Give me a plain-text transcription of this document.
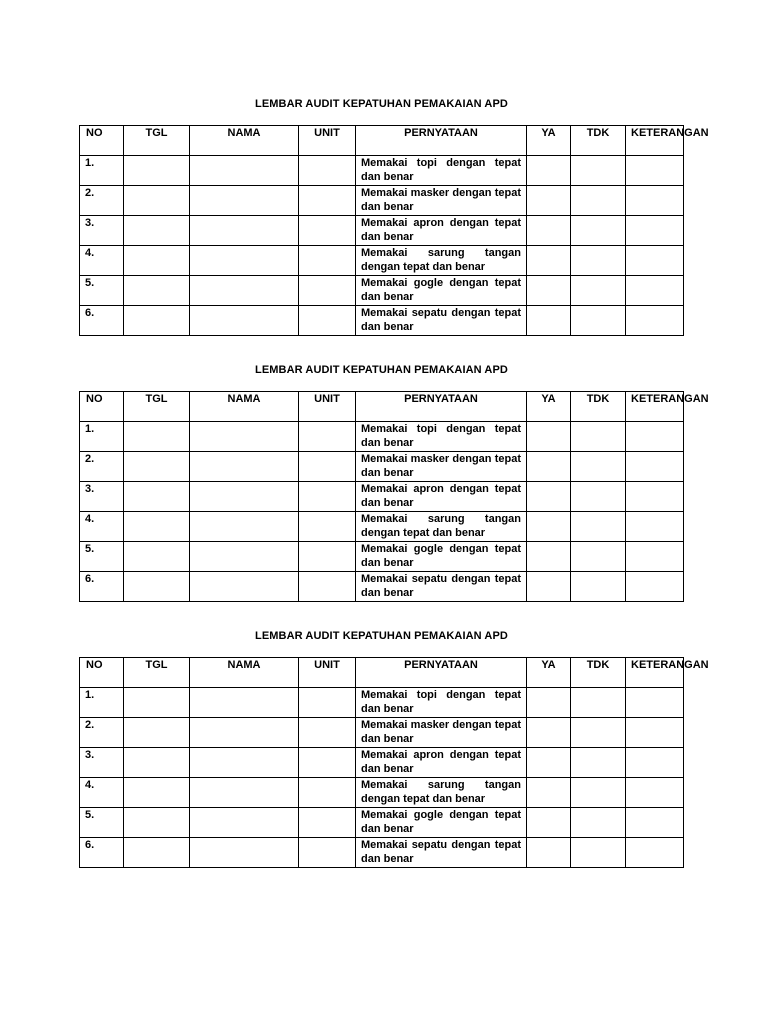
LEMBAR AUDIT KEPATUHAN PEMAKAIAN APD
NO	TGL	NAMA	UNIT	PERNYATAAN	YA	TDK	KETERANGAN
1.				Memakai topi dengan tepat dan benar			
2.				Memakai masker dengan tepat dan benar			
3.				Memakai apron dengan tepat dan benar			
4.				Memakai sarung tangan dengan tepat dan benar			
5.				Memakai gogle dengan tepat dan benar			
6.				Memakai sepatu dengan tepat dan benar			
LEMBAR AUDIT KEPATUHAN PEMAKAIAN APD
NO	TGL	NAMA	UNIT	PERNYATAAN	YA	TDK	KETERANGAN
1.				Memakai topi dengan tepat dan benar			
2.				Memakai masker dengan tepat dan benar			
3.				Memakai apron dengan tepat dan benar			
4.				Memakai sarung tangan dengan tepat dan benar			
5.				Memakai gogle dengan tepat dan benar			
6.				Memakai sepatu dengan tepat dan benar			
LEMBAR AUDIT KEPATUHAN PEMAKAIAN APD
NO	TGL	NAMA	UNIT	PERNYATAAN	YA	TDK	KETERANGAN
1.				Memakai topi dengan tepat dan benar			
2.				Memakai masker dengan tepat dan benar			
3.				Memakai apron dengan tepat dan benar			
4.				Memakai sarung tangan dengan tepat dan benar			
5.				Memakai gogle dengan tepat dan benar			
6.				Memakai sepatu dengan tepat dan benar			
